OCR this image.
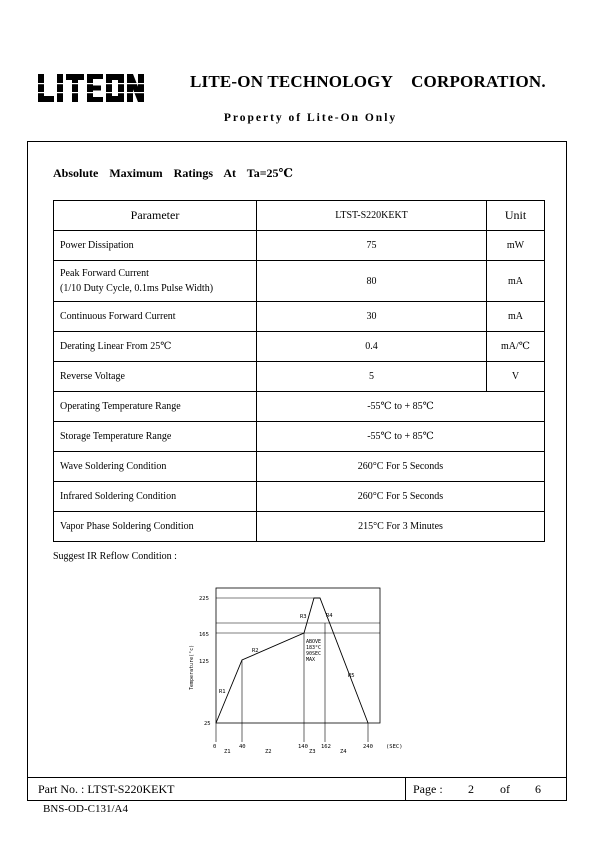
LITE-ON TECHNOLOGY CORPORATION.
Property of Lite-On Only
Absolute Maximum Ratings At Ta=25℃
Parameter	LTST-S220KEKT	Unit
Power Dissipation	75	mW

Peak Forward Current
(1/10 Duty Cycle, 0.1ms Pulse Width)	80	mA
Continuous Forward Current	30	mA
Derating Linear From 25℃	0.4	mA/℃
Reverse Voltage	5	V
Operating Temperature Range	-55℃ to + 85℃	
Storage Temperature Range	-55℃ to + 85℃	
Wave Soldering Condition	260°C For 5 Seconds	
Infrared Soldering Condition	260°C For 5 Seconds	
Vapor Phase Soldering Condition	215°C For 3 Minutes	
Suggest IR Reflow Condition :
Temperature(°c)
225
165
125
25
R1
R2
R3	R4
R5
ABOVE
183°C
90SEC
MAX
0	40	140 162	240 (SEC)
Z1	Z2	Z3	Z4
Part No. : LTST-S220KEKT	Page : 2 of 6
BNS-OD-C131/A4
